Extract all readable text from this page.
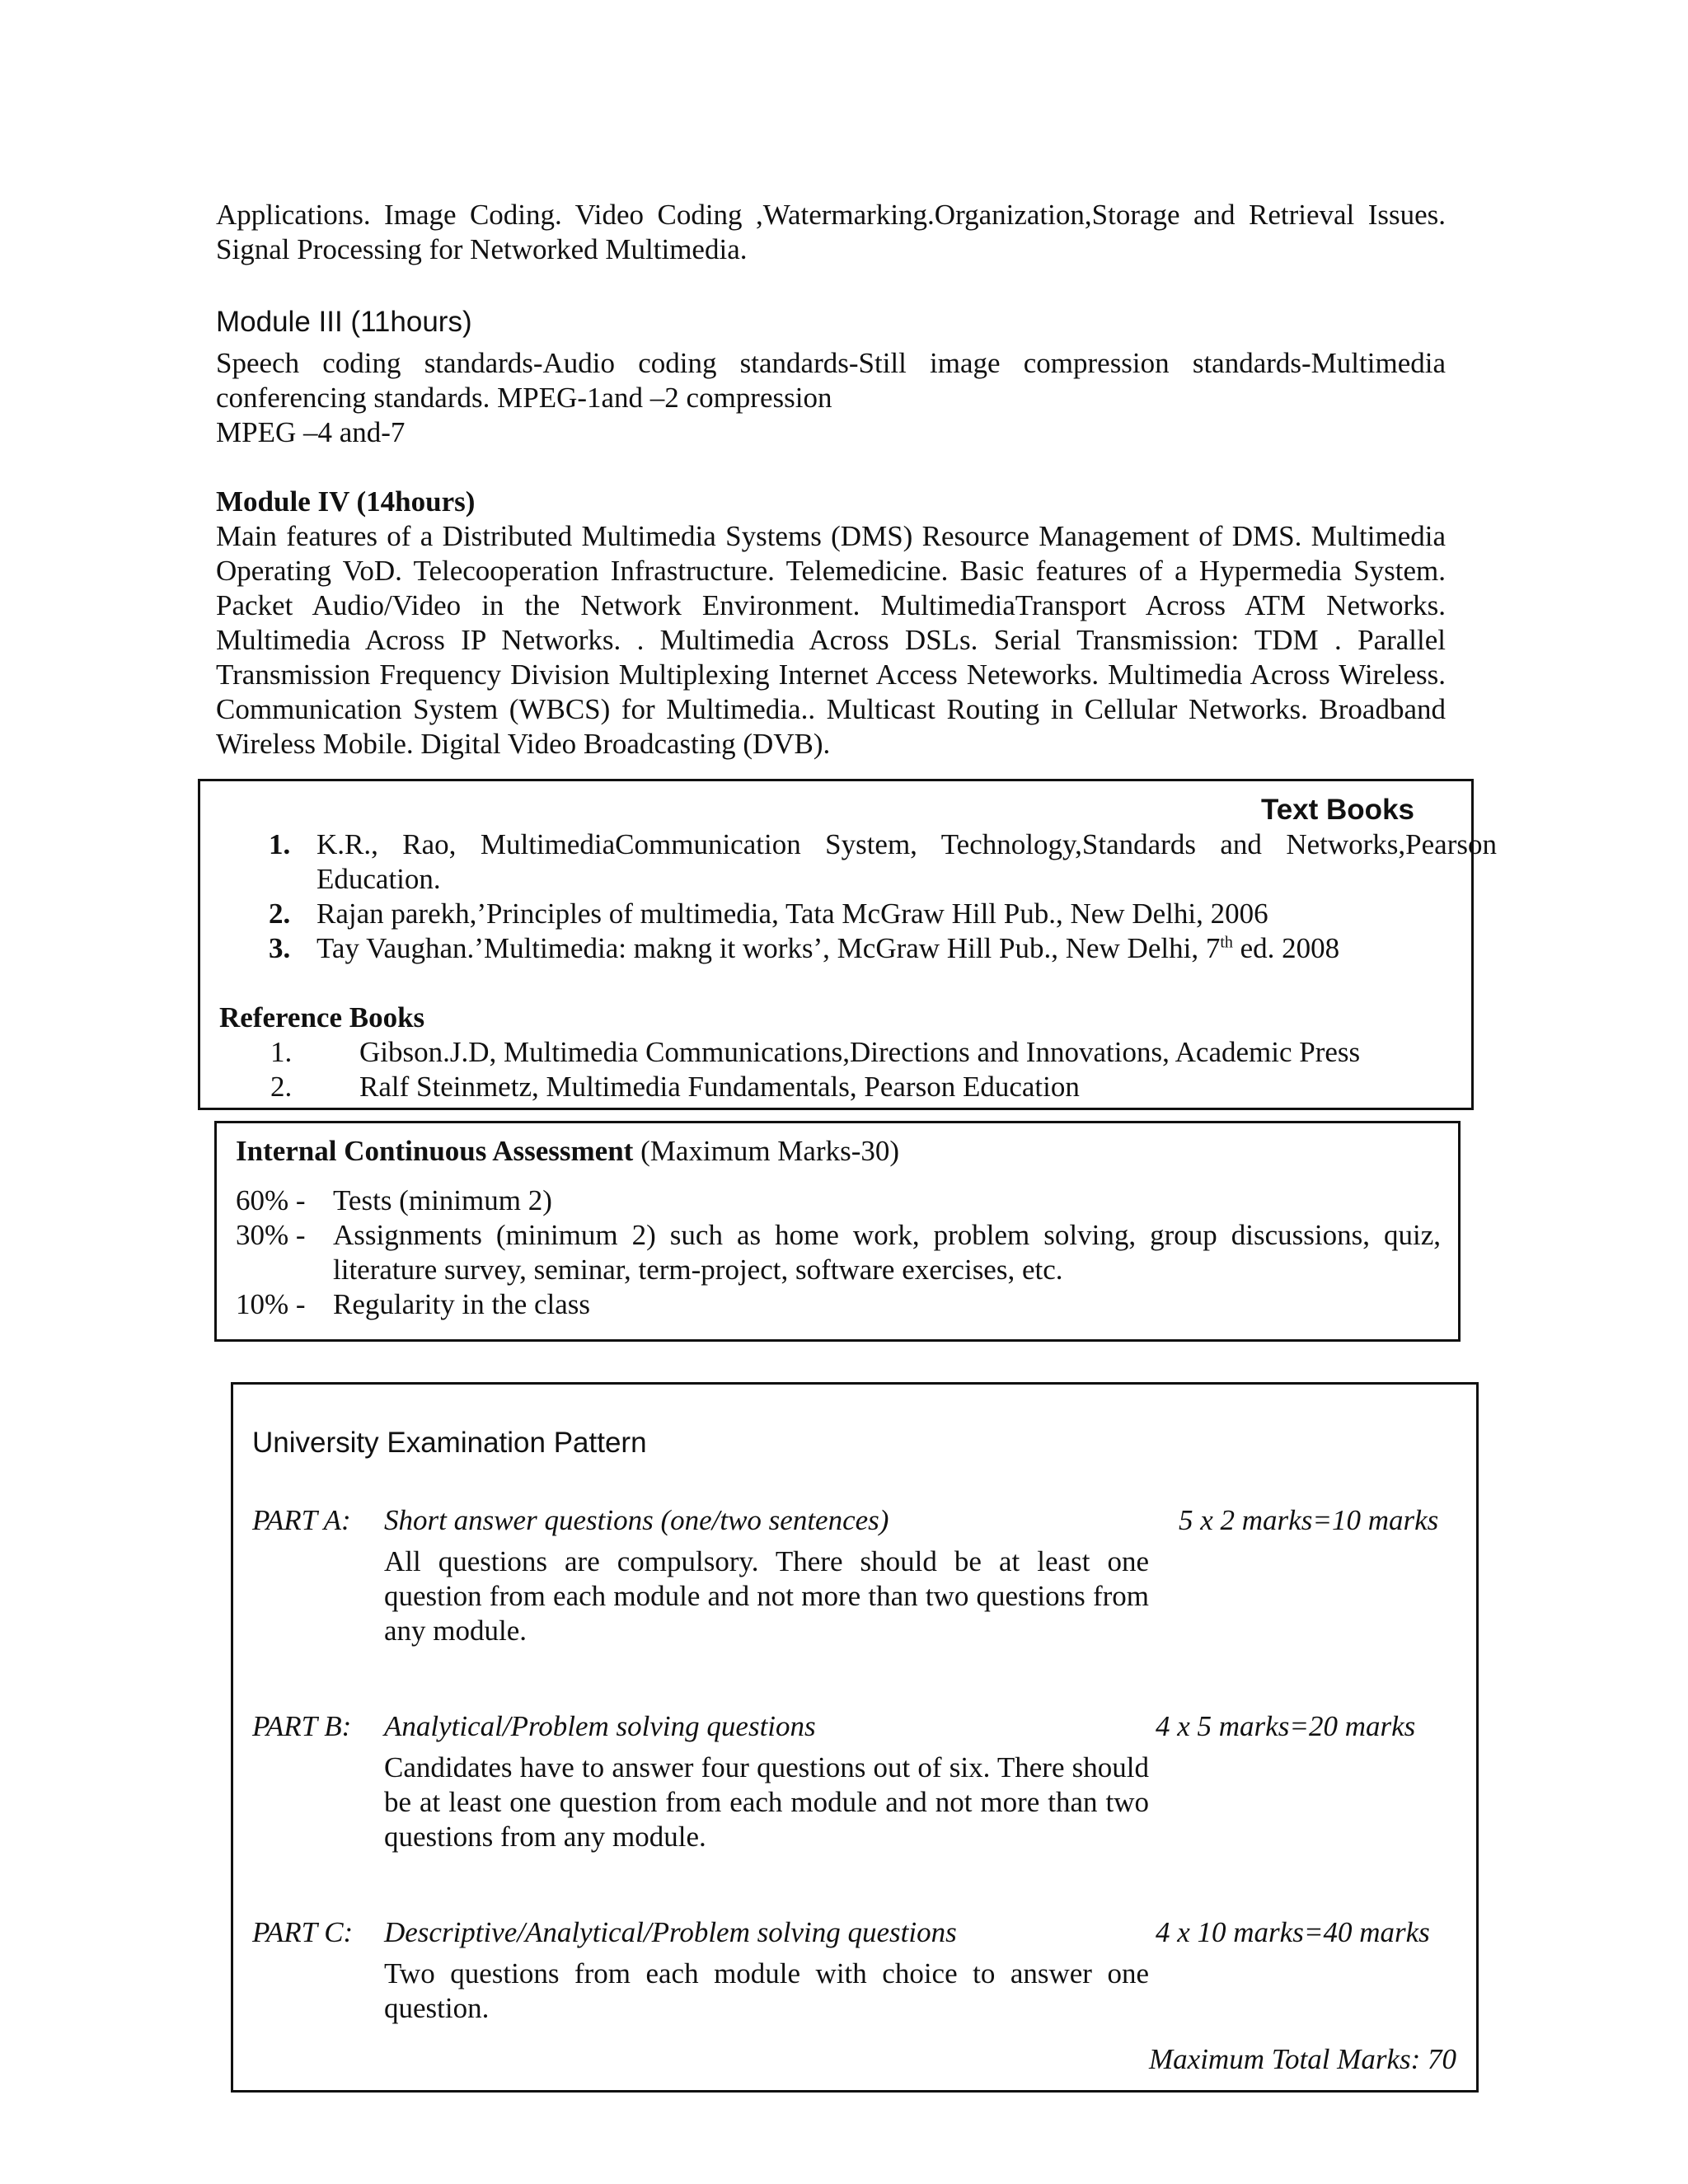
Applications. Image Coding. Video Coding ,Watermarking.Organization,Storage and Retrieval Issues. Signal Processing for Networked Multimedia.
Module III (11hours)
Speech coding standards-Audio coding standards-Still image compression standards-Multimedia conferencing standards. MPEG-1and –2 compression
MPEG –4 and-7
Module IV (14hours)
Main features of a Distributed Multimedia Systems (DMS) Resource Management of DMS. Multimedia Operating VoD. Telecooperation Infrastructure. Telemedicine. Basic features of a Hypermedia System. Packet Audio/Video in the Network Environment. MultimediaTransport Across ATM Networks. Multimedia Across IP Networks. . Multimedia Across DSLs. Serial Transmission: TDM . Parallel Transmission Frequency Division Multiplexing Internet Access Neteworks. Multimedia Across Wireless. Communication System (WBCS) for Multimedia.. Multicast Routing in Cellular Networks. Broadband Wireless Mobile. Digital Video Broadcasting (DVB).
Text Books
1. K.R., Rao, MultimediaCommunication System, Technology,Standards and Networks,Pearson Education.
2. Rajan parekh,’Principles of multimedia, Tata McGraw Hill Pub., New Delhi, 2006
3. Tay Vaughan.’Multimedia: makng it works’, McGraw Hill Pub., New Delhi, 7th ed. 2008
Reference Books
1. Gibson.J.D, Multimedia Communications,Directions and Innovations, Academic Press
2. Ralf Steinmetz, Multimedia Fundamentals, Pearson Education
Internal Continuous Assessment (Maximum Marks-30)
60% - Tests (minimum 2)
30% - Assignments (minimum 2) such as home work, problem solving, group discussions, quiz, literature survey, seminar, term-project, software exercises, etc.
10% - Regularity in the class
University Examination Pattern
PART A: Short answer questions (one/two sentences)	5 x 2 marks=10 marks
All questions are compulsory. There should be at least one question from each module and not more than two questions from any module.
PART B: Analytical/Problem solving questions	4 x 5 marks=20 marks
Candidates have to answer four questions out of six. There should be at least one question from each module and not more than two questions from any module.
PART C: Descriptive/Analytical/Problem solving questions	4 x 10 marks=40 marks
Two questions from each module with choice to answer one question.
Maximum Total Marks: 70
